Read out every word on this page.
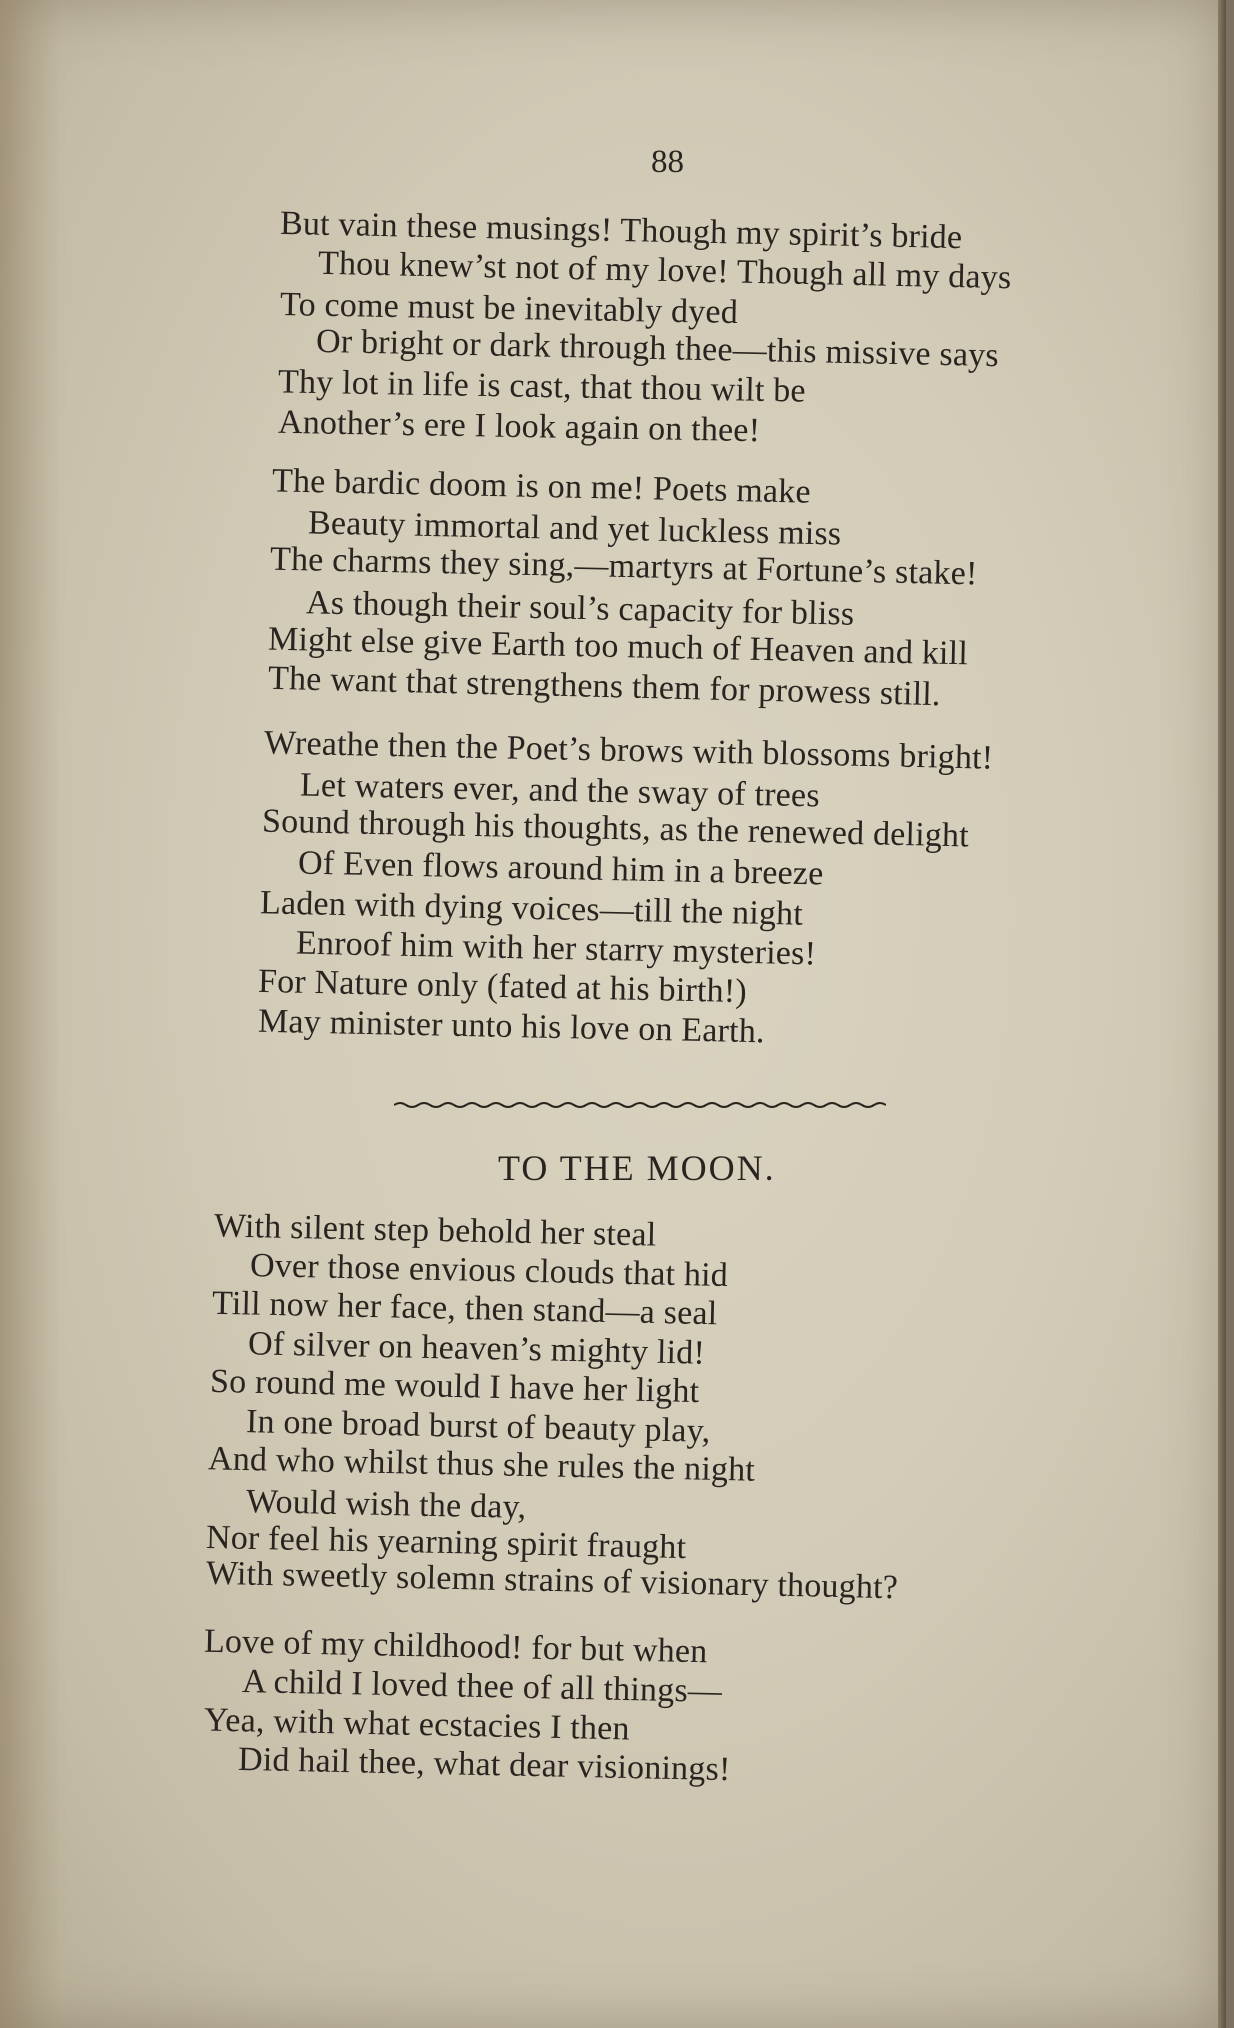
88
But vain these musings! Though my spirit’s bride
Thou knew’st not of my love! Though all my days
To come must be inevitably dyed
Or bright or dark through thee—this missive says
Thy lot in life is cast, that thou wilt be
Another’s ere I look again on thee!
The bardic doom is on me! Poets make
Beauty immortal and yet luckless miss
The charms they sing,—martyrs at Fortune’s stake!
As though their soul’s capacity for bliss
Might else give Earth too much of Heaven and kill
The want that strengthens them for prowess still.
Wreathe then the Poet’s brows with blossoms bright!
Let waters ever, and the sway of trees
Sound through his thoughts, as the renewed delight
Of Even flows around him in a breeze
Laden with dying voices—till the night
Enroof him with her starry mysteries!
For Nature only (fated at his birth!)
May minister unto his love on Earth.
TO THE MOON.
With silent step behold her steal
Over those envious clouds that hid
Till now her face, then stand—a seal
Of silver on heaven’s mighty lid!
So round me would I have her light
In one broad burst of beauty play,
And who whilst thus she rules the night
Would wish the day,
Nor feel his yearning spirit fraught
With sweetly solemn strains of visionary thought?
Love of my childhood! for but when
A child I loved thee of all things—
Yea, with what ecstacies I then
Did hail thee, what dear visionings!
